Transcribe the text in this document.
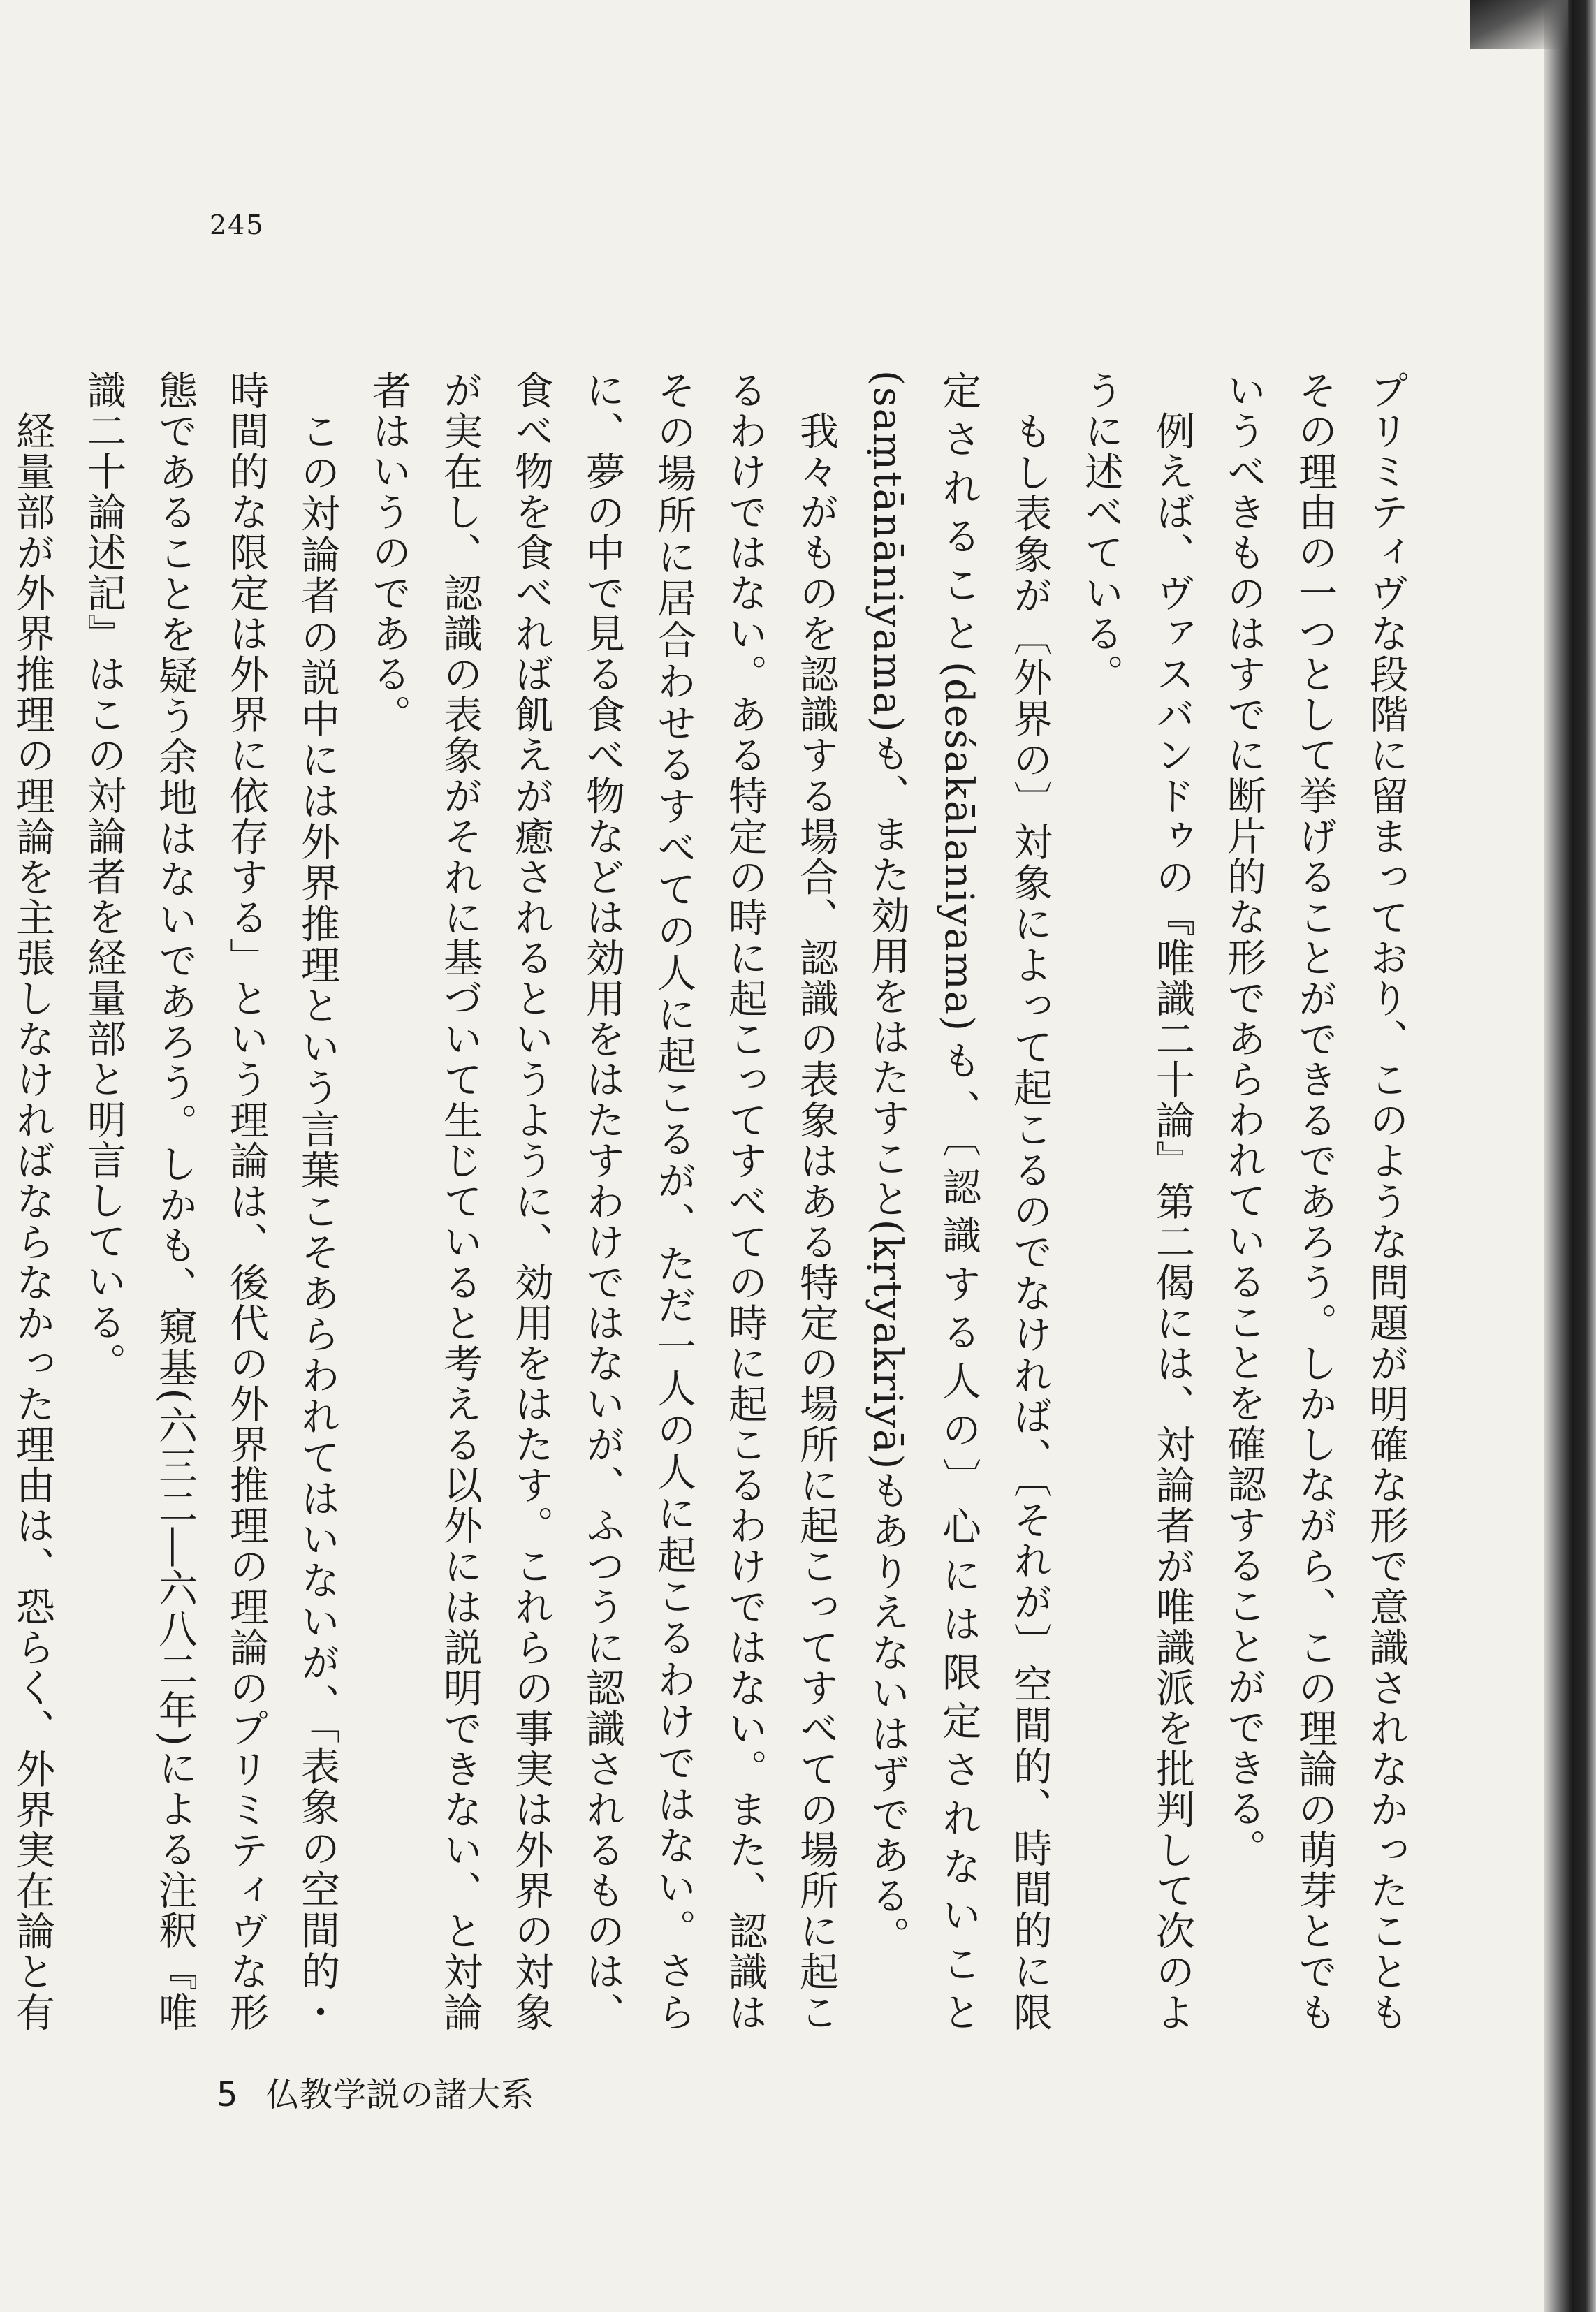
245
プリミティヴな段階に留まっており、このような問題が明確な形で意識されなかったこともその理由の一つとして挙げることができるであろう。しかしながら、この理論の萌芽とでもいうべきものはすでに断片的な形であらわれていることを確認することができる。
　例えば、ヴァスバンドゥの『唯識二十論』第二偈には、対論者が唯識派を批判して次のように述べている。
　もし表象が〔外界の〕対象によって起こるのでなければ、〔それが〕空間的、時間的に限定されること(deśakālaniyama)も、〔認識する人の〕心には限定されないこと(saṃtānāniyama)も、また効用をはたすこと(kṛtyakriyā)もありえないはずである。
　我々がものを認識する場合、認識の表象はある特定の場所に起こってすべての場所に起こるわけではない。ある特定の時に起こってすべての時に起こるわけではない。また、認識はその場所に居合わせるすべての人に起こるが、ただ一人の人に起こるわけではない。さらに、夢の中で見る食べ物などは効用をはたすわけではないが、ふつうに認識されるものは、食べ物を食べれば飢えが癒されるというように、効用をはたす。これらの事実は外界の対象が実在し、認識の表象がそれに基づいて生じていると考える以外には説明できない、と対論者はいうのである。
　この対論者の説中には外界推理という言葉こそあらわれてはいないが、「表象の空間的・時間的な限定は外界に依存する」という理論は、後代の外界推理の理論のプリミティヴな形態であることを疑う余地はないであろう。しかも、窺基(六三二―六八二年)による注釈『唯識二十論述記』はこの対論者を経量部と明言している。
　経量部が外界推理の理論を主張しなければならなかった理由は、恐らく、外界実在論と有
5 仏教学説の諸大系
